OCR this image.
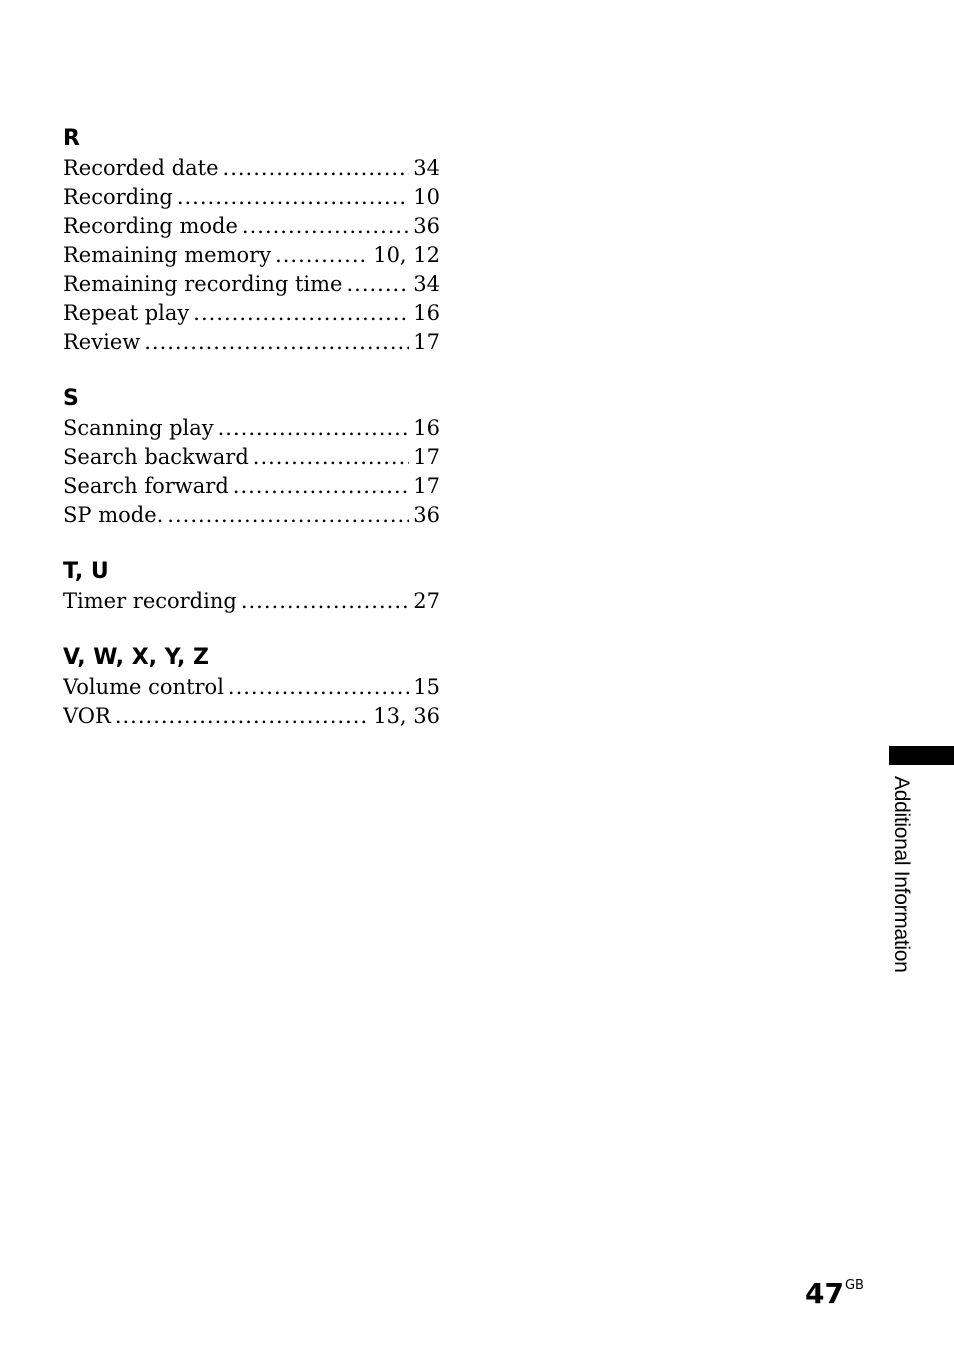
R
Recorded date .....	34
Recording .....	10
Recording mode .....	36
Remaining memory .....	10, 12
Remaining recording time .....	34
Repeat play .....	16
Review .....	17
S
Scanning play .....	16
Search backward .....	17
Search forward .....	17
SP mode. .....	36
T, U
Timer recording .....	27
V, W, X, Y, Z
Volume control .....	15
VOR .....	13, 36
Additional Information
$47^{GB}$
